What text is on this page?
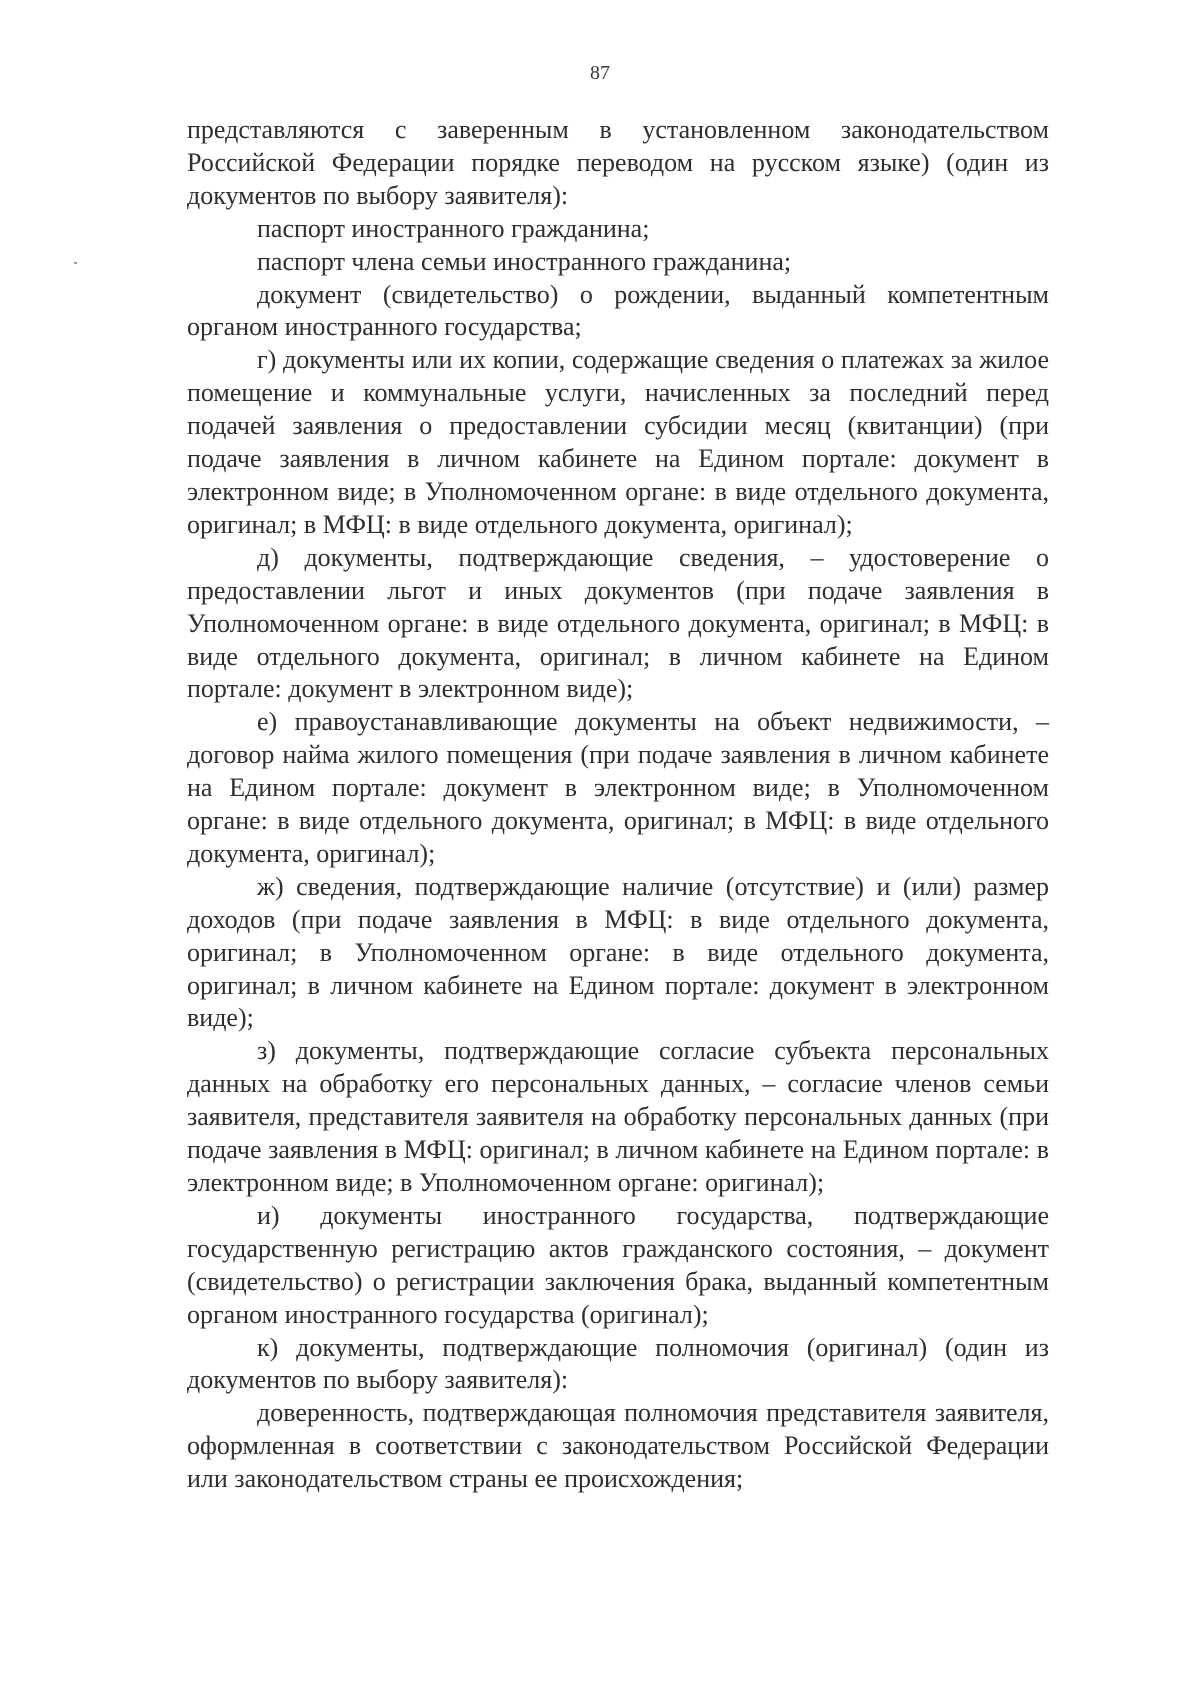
87

представляются с заверенным в установленном законодательством Российской Федерации порядке переводом на русском языке) (один из документов по выбору заявителя):

паспорт иностранного гражданина;

паспорт члена семьи иностранного гражданина;

документ (свидетельство) о рождении, выданный компетентным органом иностранного государства;

г) документы или их копии, содержащие сведения о платежах за жилое помещение и коммунальные услуги, начисленных за последний перед подачей заявления о предоставлении субсидии месяц (квитанции) (при подаче заявления в личном кабинете на Едином портале: документ в электронном виде; в Уполномоченном органе: в виде отдельного документа, оригинал; в МФЦ: в виде отдельного документа, оригинал);

д) документы, подтверждающие сведения, – удостоверение о предоставлении льгот и иных документов (при подаче заявления в Уполномоченном органе: в виде отдельного документа, оригинал; в МФЦ: в виде отдельного документа, оригинал; в личном кабинете на Едином портале: документ в электронном виде);

е) правоустанавливающие документы на объект недвижимости, – договор найма жилого помещения (при подаче заявления в личном кабинете на Едином портале: документ в электронном виде; в Уполномоченном органе: в виде отдельного документа, оригинал; в МФЦ: в виде отдельного документа, оригинал);

ж) сведения, подтверждающие наличие (отсутствие) и (или) размер доходов (при подаче заявления в МФЦ: в виде отдельного документа, оригинал; в Уполномоченном органе: в виде отдельного документа, оригинал; в личном кабинете на Едином портале: документ в электронном виде);

з) документы, подтверждающие согласие субъекта персональных данных на обработку его персональных данных, – согласие членов семьи заявителя, представителя заявителя на обработку персональных данных (при подаче заявления в МФЦ: оригинал; в личном кабинете на Едином портале: в электронном виде; в Уполномоченном органе: оригинал);

и) документы иностранного государства, подтверждающие государственную регистрацию актов гражданского состояния, – документ (свидетельство) о регистрации заключения брака, выданный компетентным органом иностранного государства (оригинал);

к) документы, подтверждающие полномочия (оригинал) (один из документов по выбору заявителя):

доверенность, подтверждающая полномочия представителя заявителя, оформленная в соответствии с законодательством Российской Федерации или законодательством страны ее происхождения;
